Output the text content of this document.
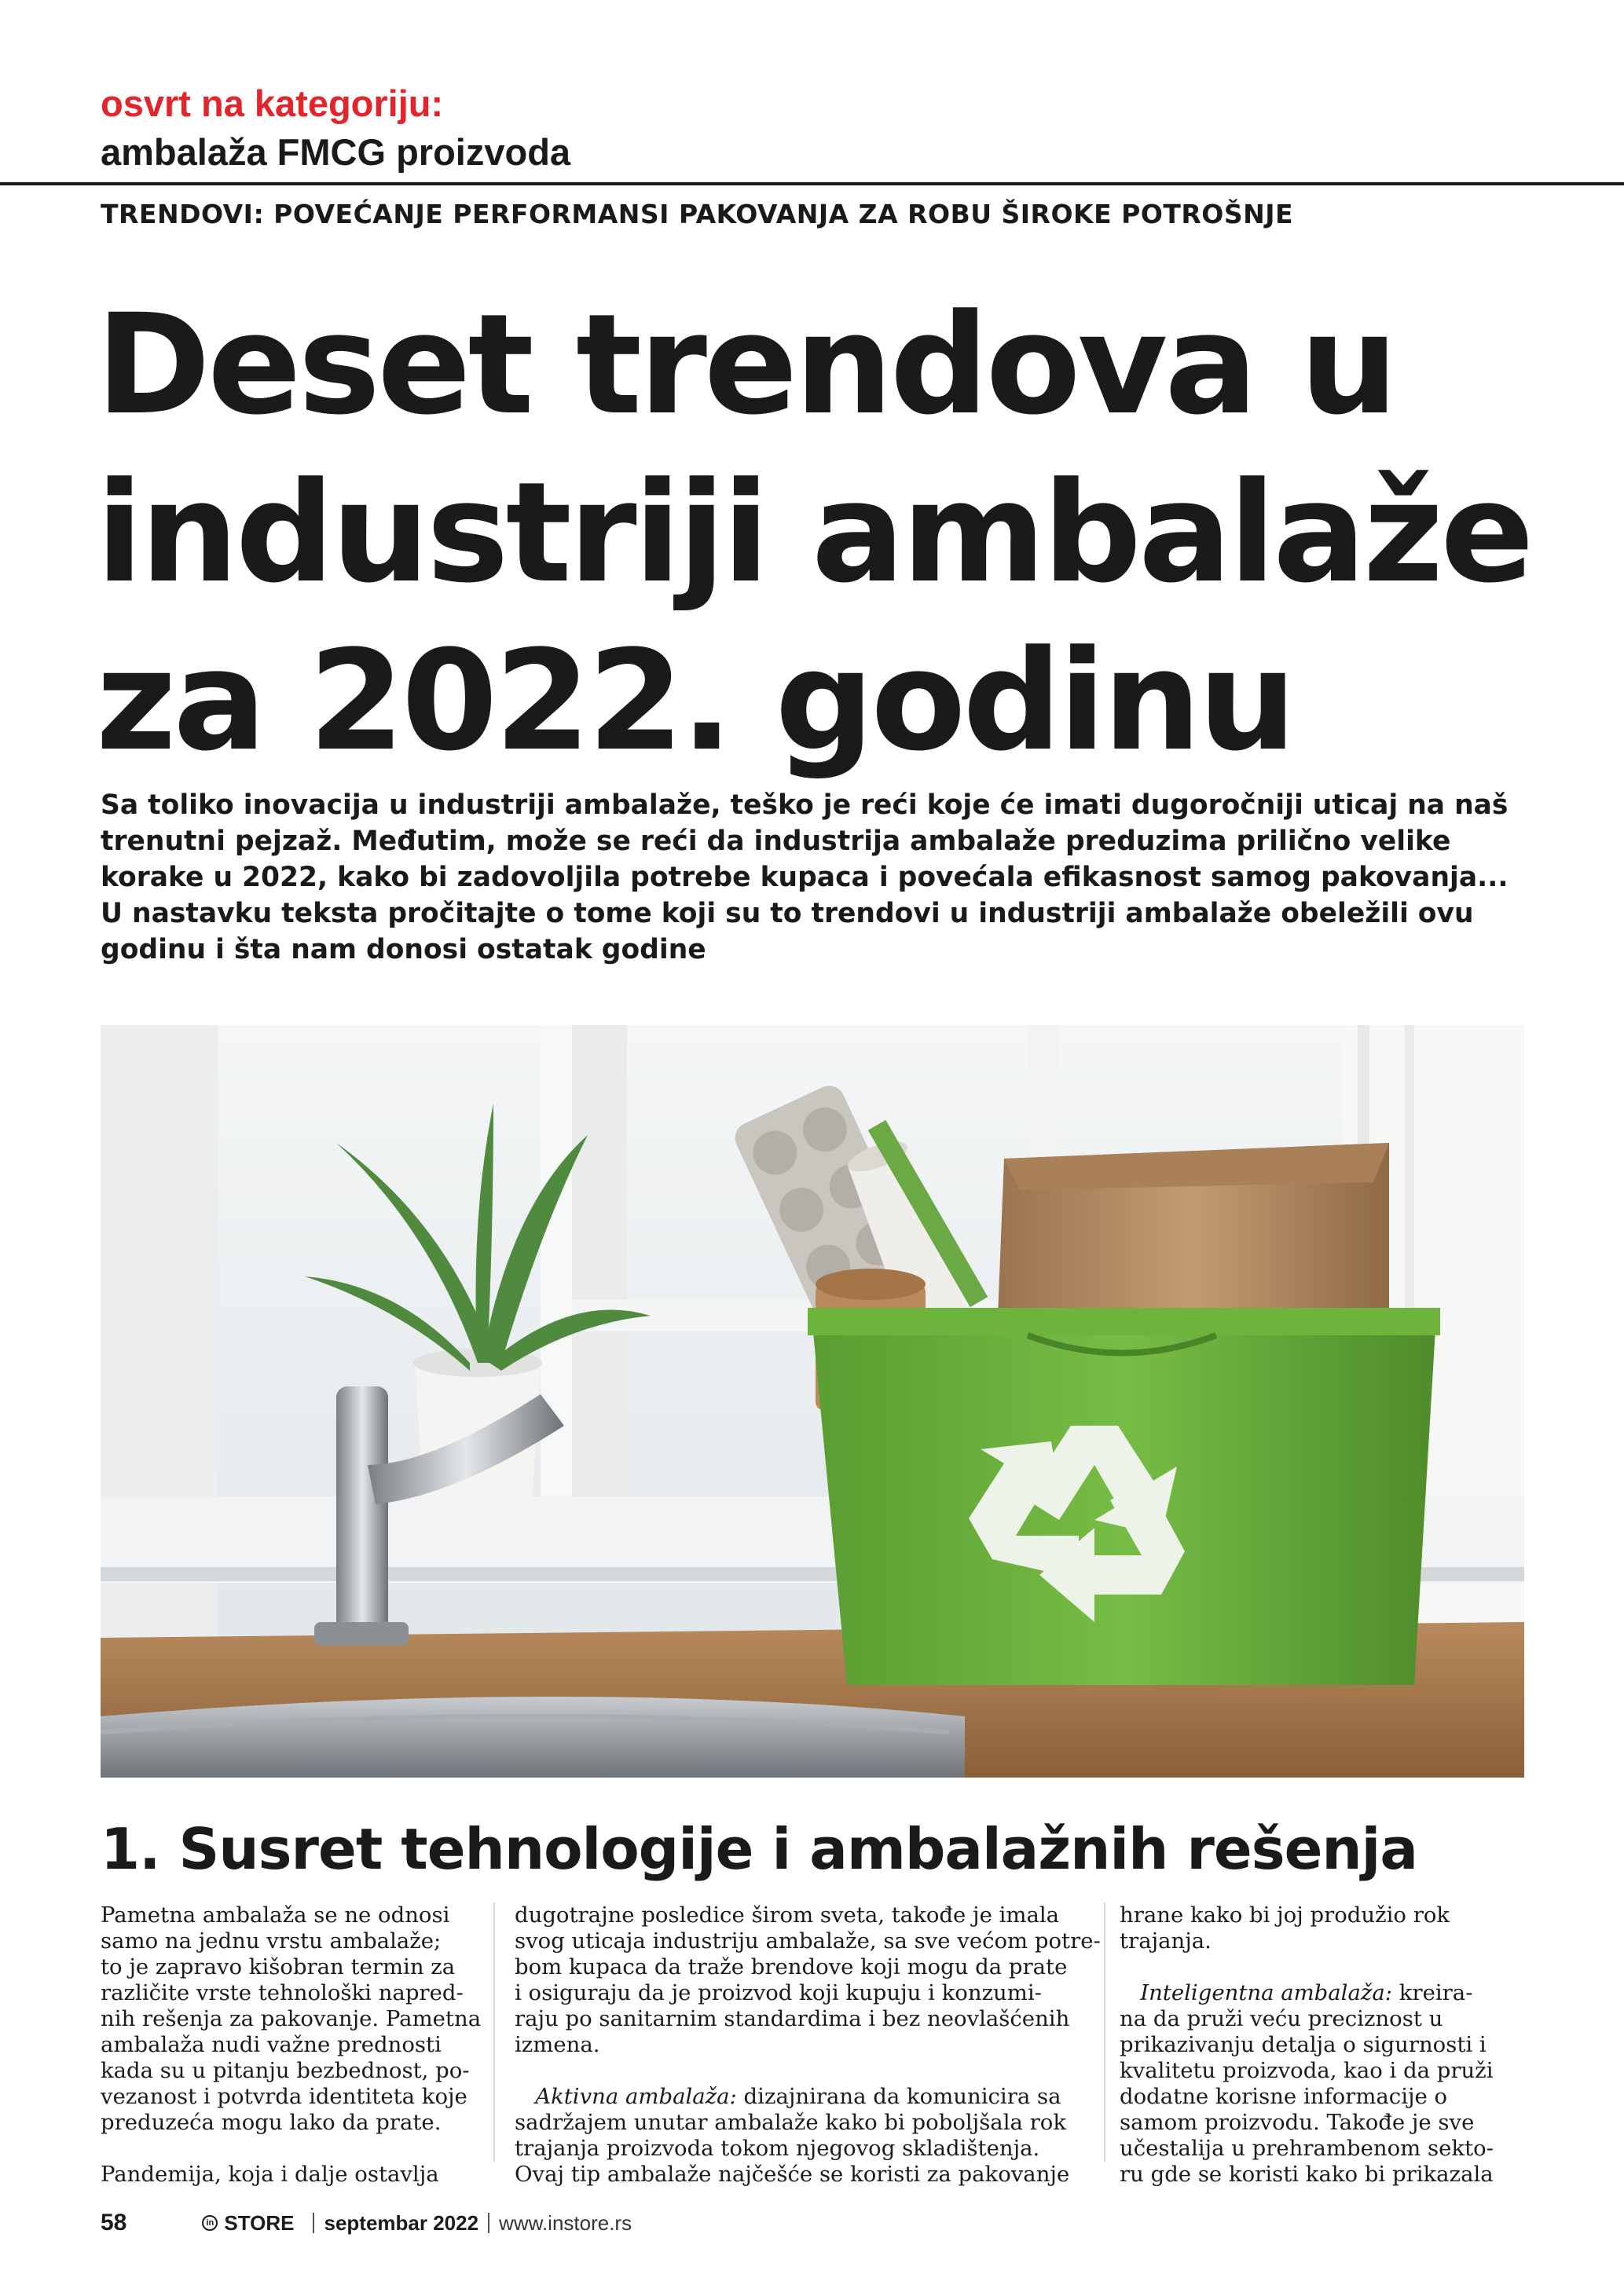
osvrt na kategoriju:
ambalaža FMCG proizvoda
TRENDOVI: POVEĆANJE PERFORMANSI PAKOVANJA ZA ROBU ŠIROKE POTROŠNJE
Deset trendova u
industriji ambalaže
za 2022. godinu
Sa toliko inovacija u industriji ambalaže, teško je reći koje će imati dugoročniji uticaj na naš
trenutni pejzaž. Međutim, može se reći da industrija ambalaže preduzima prilično velike
korake u 2022, kako bi zadovoljila potrebe kupaca i povećala efikasnost samog pakovanja...
U nastavku teksta pročitajte o tome koji su to trendovi u industriji ambalaže obeležili ovu
godinu i šta nam donosi ostatak godine
1. Susret tehnologije i ambalažnih rešenja
Pametna ambalaža se ne odnosi
samo na jednu vrstu ambalaže;
to je zapravo kišobran termin za
različite vrste tehnološki napred-
nih rešenja za pakovanje. Pametna
ambalaža nudi važne prednosti
kada su u pitanju bezbednost, po-
vezanost i potvrda identiteta koje
preduzeća mogu lako da prate.
Pandemija, koja i dalje ostavlja
dugotrajne posledice širom sveta, takođe je imala
svog uticaja industriju ambalaže, sa sve većom potre-
bom kupaca da traže brendove koji mogu da prate
i osiguraju da je proizvod koji kupuju i konzumi-
raju po sanitarnim standardima i bez neovlašćenih
izmena.
Aktivna ambalaža: dizajnirana da komunicira sa
sadržajem unutar ambalaže kako bi poboljšala rok
trajanja proizvoda tokom njegovog skladištenja.
Ovaj tip ambalaže najčešće se koristi za pakovanje
hrane kako bi joj produžio rok
trajanja.
Inteligentna ambalaža: kreira-
na da pruži veću preciznost u
prikazivanju detalja o sigurnosti i
kvalitetu proizvoda, kao i da pruži
dodatne korisne informacije o
samom proizvodu. Takođe je sve
učestalija u prehrambenom sekto-
ru gde se koristi kako bi prikazala
58	in STORE septembar 2022 www.instore.rs
